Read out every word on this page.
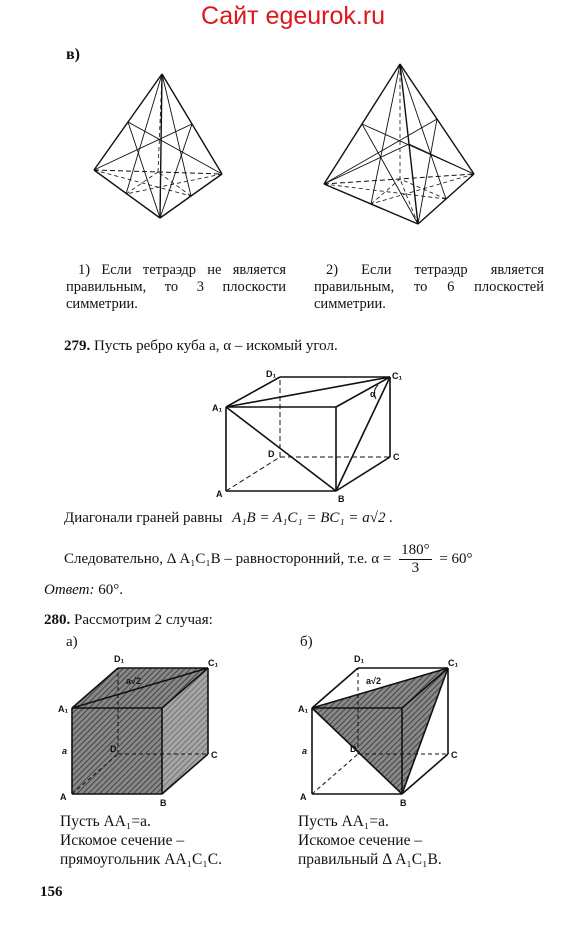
Сайт egeurok.ru
в)
1) Если тетраэдр не является правильным, то 3 плоскости симметрии.
2) Если тетраэдр является правильным, то 6 плоскостей симметрии.
279. Пусть ребро куба a, α – искомый угол.
A	B
C
D
A₁
C₁
D₁
α
Диагонали граней равны A₁B = A₁C₁ = BC₁ = a√2 .
Следовательно, Δ A₁C₁B – равносторонний, т.е. $\alpha = \frac{180^\circ}{3} = 60^\circ$
Ответ: 60°.
280. Рассмотрим 2 случая:
а)	б)
A
B
C
D
A₁
C₁
D₁
a
a√2
A
B
C
D
A₁
C₁
D₁
a
a√2
Пусть AA₁=a.
Искомое сечение –
прямоугольник AA₁C₁C.
Пусть AA₁=a.
Искомое сечение –
правильный Δ A₁C₁B.
156
